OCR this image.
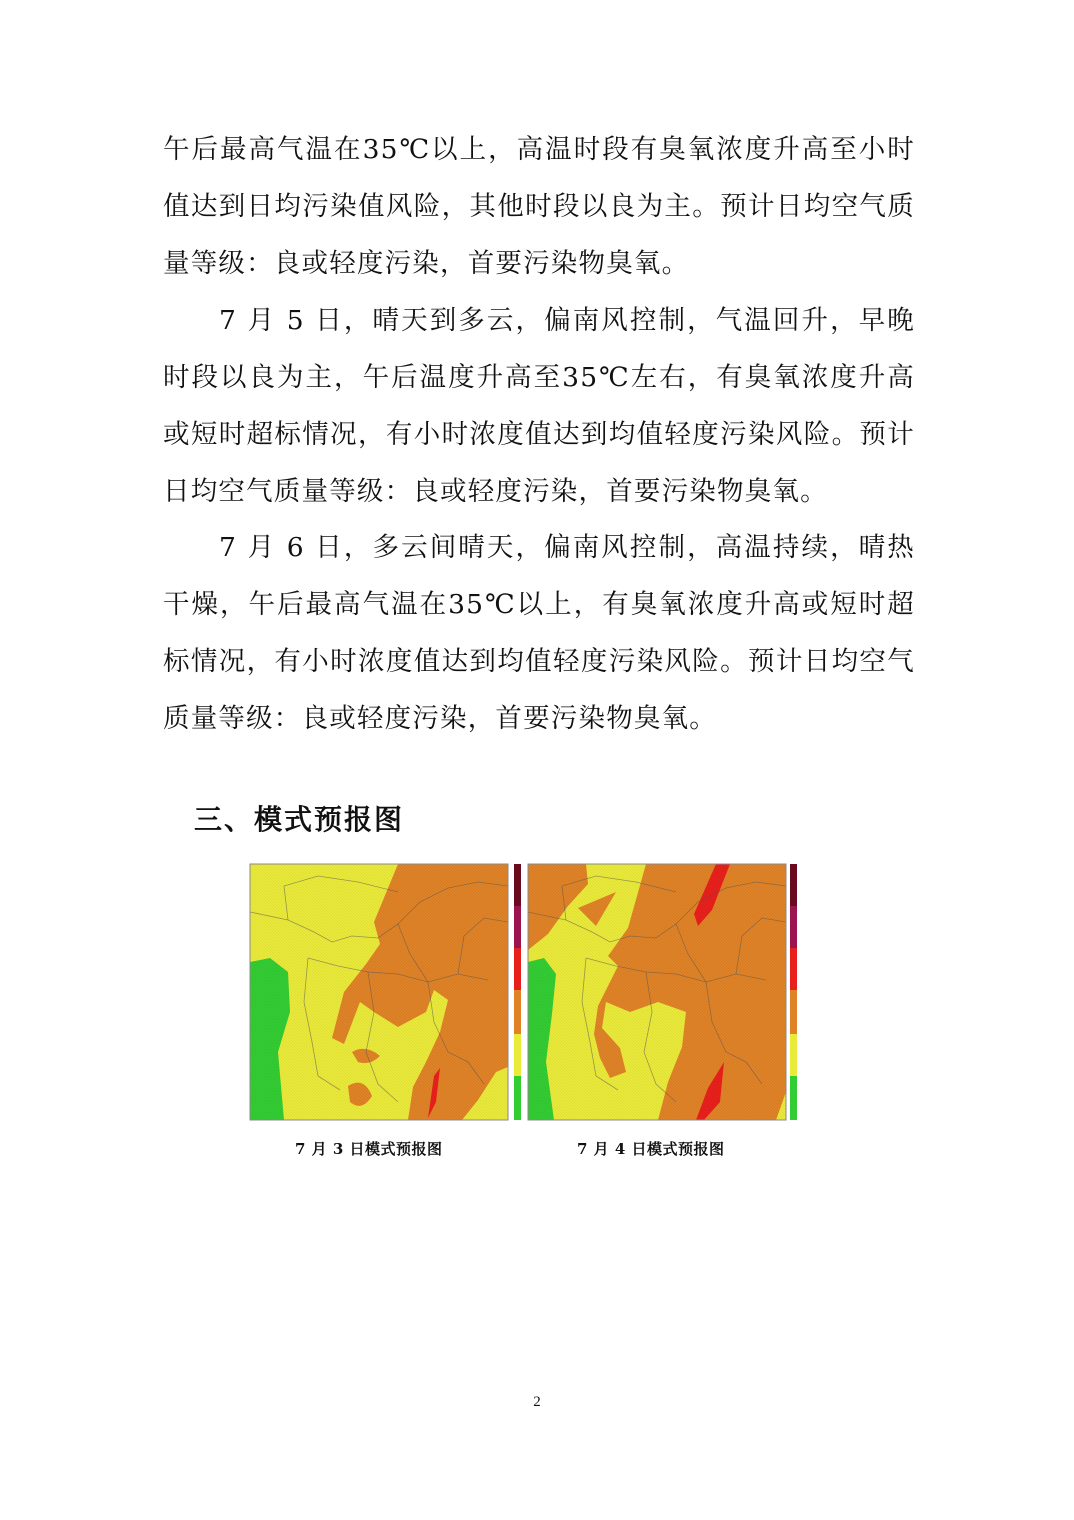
午后最高气温在35℃以上，高温时段有臭氧浓度升高至小时值达到日均污染值风险，其他时段以良为主。预计日均空气质量等级：良或轻度污染，首要污染物臭氧。

7 月 5 日，晴天到多云，偏南风控制，气温回升，早晚时段以良为主，午后温度升高至35℃左右，有臭氧浓度升高或短时超标情况，有小时浓度值达到均值轻度污染风险。预计日均空气质量等级：良或轻度污染，首要污染物臭氧。

7 月 6 日，多云间晴天，偏南风控制，高温持续，晴热干燥，午后最高气温在35℃以上，有臭氧浓度升高或短时超标情况，有小时浓度值达到均值轻度污染风险。预计日均空气质量等级：良或轻度污染，首要污染物臭氧。

三、模式预报图
7 月 3 日模式预报图	7 月 4 日模式预报图
2
